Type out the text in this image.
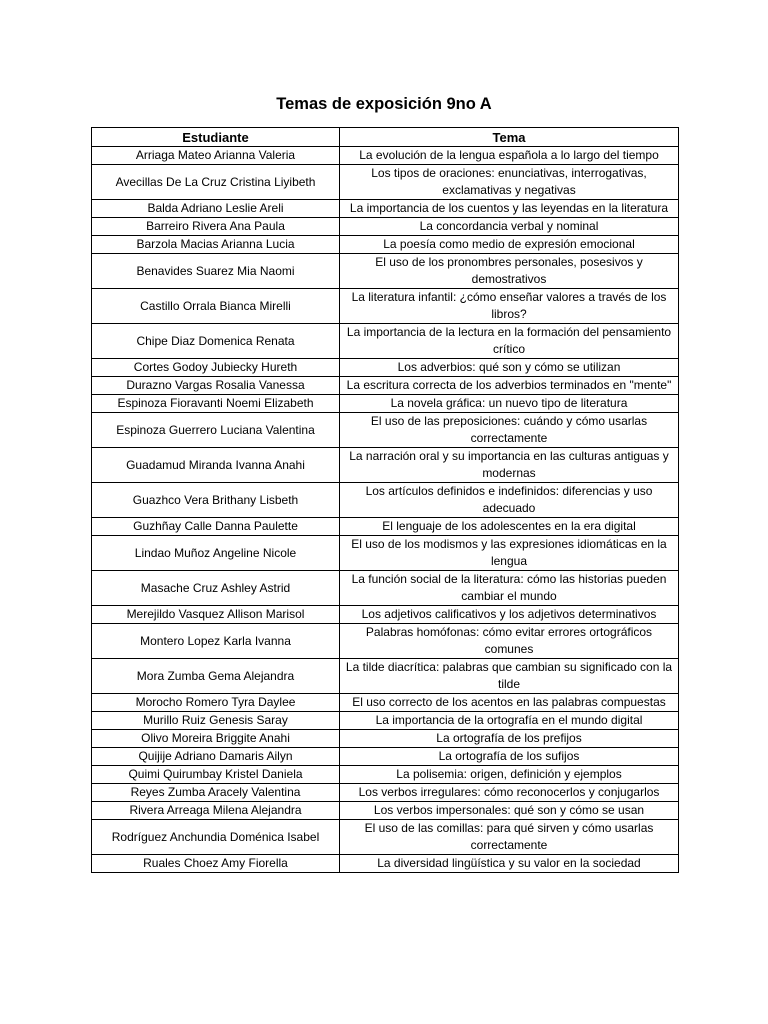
Temas de exposición 9no A
Estudiante	Tema
Arriaga Mateo Arianna Valeria	La evolución de la lengua española a lo largo del tiempo
Avecillas De La Cruz Cristina Liyibeth	Los tipos de oraciones: enunciativas, interrogativas, exclamativas y negativas
Balda Adriano Leslie Areli	La importancia de los cuentos y las leyendas en la literatura
Barreiro Rivera Ana Paula	La concordancia verbal y nominal
Barzola Macias Arianna Lucia	La poesía como medio de expresión emocional
Benavides Suarez Mia Naomi	El uso de los pronombres personales, posesivos y demostrativos
Castillo Orrala Bianca Mirelli	La literatura infantil: ¿cómo enseñar valores a través de los libros?
Chipe Diaz Domenica Renata	La importancia de la lectura en la formación del pensamiento crítico
Cortes Godoy Jubiecky Hureth	Los adverbios: qué son y cómo se utilizan
Durazno Vargas Rosalia Vanessa	La escritura correcta de los adverbios terminados en "mente"
Espinoza Fioravanti Noemi Elizabeth	La novela gráfica: un nuevo tipo de literatura
Espinoza Guerrero Luciana Valentina	El uso de las preposiciones: cuándo y cómo usarlas correctamente
Guadamud Miranda Ivanna Anahi	La narración oral y su importancia en las culturas antiguas y modernas
Guazhco Vera Brithany Lisbeth	Los artículos definidos e indefinidos: diferencias y uso adecuado
Guzhñay Calle Danna Paulette	El lenguaje de los adolescentes en la era digital
Lindao Muñoz Angeline Nicole	El uso de los modismos y las expresiones idiomáticas en la lengua
Masache Cruz Ashley Astrid	La función social de la literatura: cómo las historias pueden cambiar el mundo
Merejildo Vasquez Allison Marisol	Los adjetivos calificativos y los adjetivos determinativos
Montero Lopez Karla Ivanna	Palabras homófonas: cómo evitar errores ortográficos comunes
Mora Zumba Gema Alejandra	La tilde diacrítica: palabras que cambian su significado con la tilde
Morocho Romero Tyra Daylee	El uso correcto de los acentos en las palabras compuestas
Murillo Ruiz Genesis Saray	La importancia de la ortografía en el mundo digital
Olivo Moreira Briggite Anahi	La ortografía de los prefijos
Quijije Adriano Damaris Ailyn	La ortografía de los sufijos
Quimi Quirumbay Kristel Daniela	La polisemia: origen, definición y ejemplos
Reyes Zumba Aracely Valentina	Los verbos irregulares: cómo reconocerlos y conjugarlos
Rivera Arreaga Milena Alejandra	Los verbos impersonales: qué son y cómo se usan
Rodríguez Anchundia Doménica Isabel	El uso de las comillas: para qué sirven y cómo usarlas correctamente
Ruales Choez Amy Fiorella	La diversidad lingüística y su valor en la sociedad
